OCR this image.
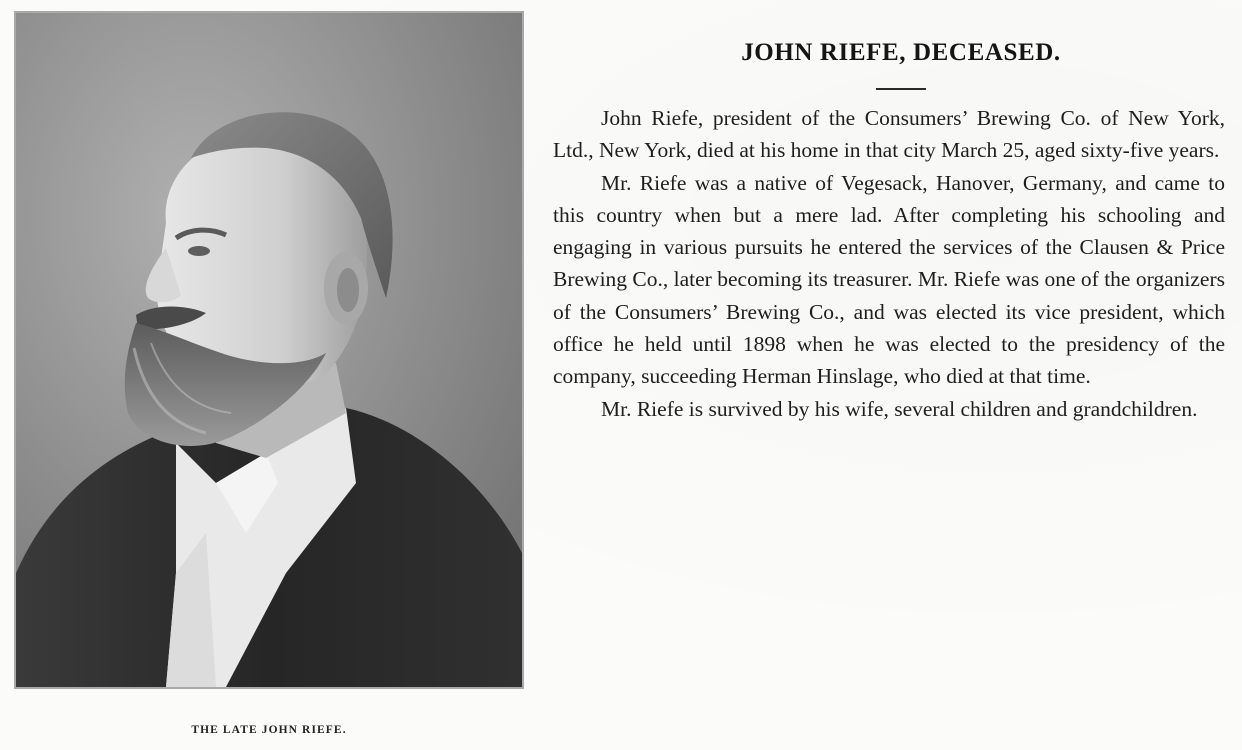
THE LATE JOHN RIEFE.
JOHN RIEFE, DECEASED.

John Riefe, president of the Consumers’ Brewing Co. of New York, Ltd., New York, died at his home in that city March 25, aged sixty-five years.

Mr. Riefe was a native of Vegesack, Hanover, Germany, and came to this country when but a mere lad. After completing his schooling and engaging in various pursuits he entered the services of the Clausen & Price Brewing Co., later becoming its treasurer. Mr. Riefe was one of the organizers of the Consumers’ Brewing Co., and was elected its vice president, which office he held until 1898 when he was elected to the presidency of the company, succeeding Herman Hinslage, who died at that time.

Mr. Riefe is survived by his wife, several children and grandchildren.
